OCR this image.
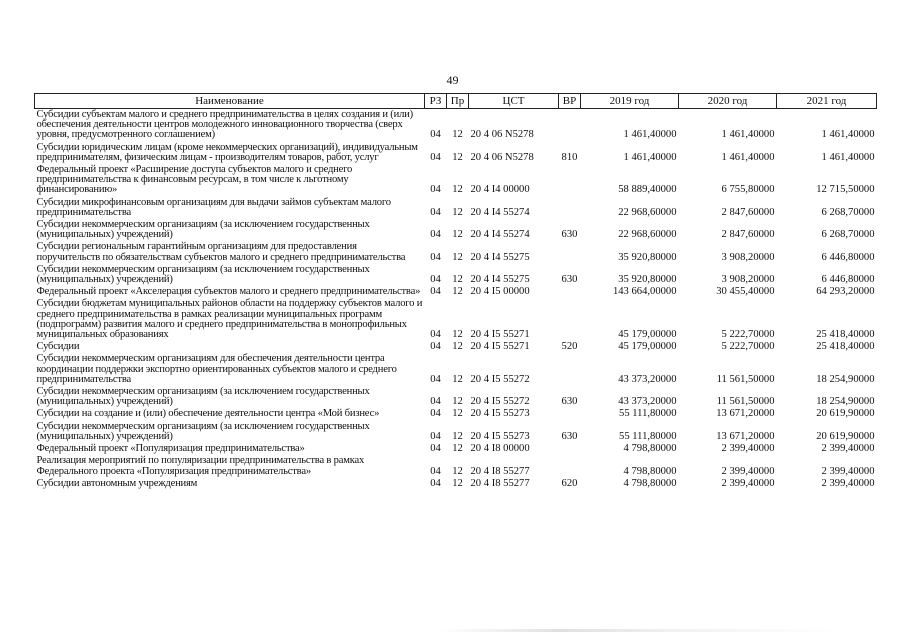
49
Наименование	РЗ	Пр	ЦСТ	ВР	2019 год	2020 год	2021 год
Субсидии субъектам малого и среднего предпринимательства в целях создания и (или) обеспечения деятельности центров молодежного инновационного творчества (сверх уровня, предусмотренного соглашением)	04	12	20 4 06 N5278		1 461,40000	1 461,40000	1 461,40000
Субсидии юридическим лицам (кроме некоммерческих организаций), индивидуальным предпринимателям, физическим лицам - производителям товаров, работ, услуг	04	12	20 4 06 N5278	810	1 461,40000	1 461,40000	1 461,40000
Федеральный проект «Расширение доступа субъектов малого и среднего предпринимательства к финансовым ресурсам, в том числе к льготному финансированию»	04	12	20 4 I4 00000		58 889,40000	6 755,80000	12 715,50000
Субсидии микрофинансовым организациям для выдачи займов субъектам малого предпринимательства	04	12	20 4 I4 55274		22 968,60000	2 847,60000	6 268,70000
Субсидии некоммерческим организациям (за исключением государственных (муниципальных) учреждений)	04	12	20 4 I4 55274	630	22 968,60000	2 847,60000	6 268,70000
Субсидии региональным гарантийным организациям для предоставления поручительств по обязательствам субъектов малого и среднего предпринимательства	04	12	20 4 I4 55275		35 920,80000	3 908,20000	6 446,80000
Субсидии некоммерческим организациям (за исключением государственных (муниципальных) учреждений)	04	12	20 4 I4 55275	630	35 920,80000	3 908,20000	6 446,80000
Федеральный проект «Акселерация субъектов малого и среднего предпринимательства»	04	12	20 4 I5 00000		143 664,00000	30 455,40000	64 293,20000
Субсидии бюджетам муниципальных районов области на поддержку субъектов малого и среднего предпринимательства в рамках реализации муниципальных программ (подпрограмм) развития малого и среднего предпринимательства в монопрофильных муниципальных образованиях	04	12	20 4 I5 55271		45 179,00000	5 222,70000	25 418,40000
Субсидии	04	12	20 4 I5 55271	520	45 179,00000	5 222,70000	25 418,40000
Субсидии некоммерческим организациям для обеспечения деятельности центра координации поддержки экспортно ориентированных субъектов малого и среднего предпринимательства	04	12	20 4 I5 55272		43 373,20000	11 561,50000	18 254,90000
Субсидии некоммерческим организациям (за исключением государственных (муниципальных) учреждений)	04	12	20 4 I5 55272	630	43 373,20000	11 561,50000	18 254,90000
Субсидии на создание и (или) обеспечение деятельности центра «Мой бизнес»	04	12	20 4 I5 55273		55 111,80000	13 671,20000	20 619,90000
Субсидии некоммерческим организациям (за исключением государственных (муниципальных) учреждений)	04	12	20 4 I5 55273	630	55 111,80000	13 671,20000	20 619,90000
Федеральный проект «Популяризация предпринимательства»	04	12	20 4 I8 00000		4 798,80000	2 399,40000	2 399,40000
Реализация мероприятий по популяризации предпринимательства в рамках Федерального проекта «Популяризация предпринимательства»	04	12	20 4 I8 55277		4 798,80000	2 399,40000	2 399,40000
Субсидии автономным учреждениям	04	12	20 4 I8 55277	620	4 798,80000	2 399,40000	2 399,40000
